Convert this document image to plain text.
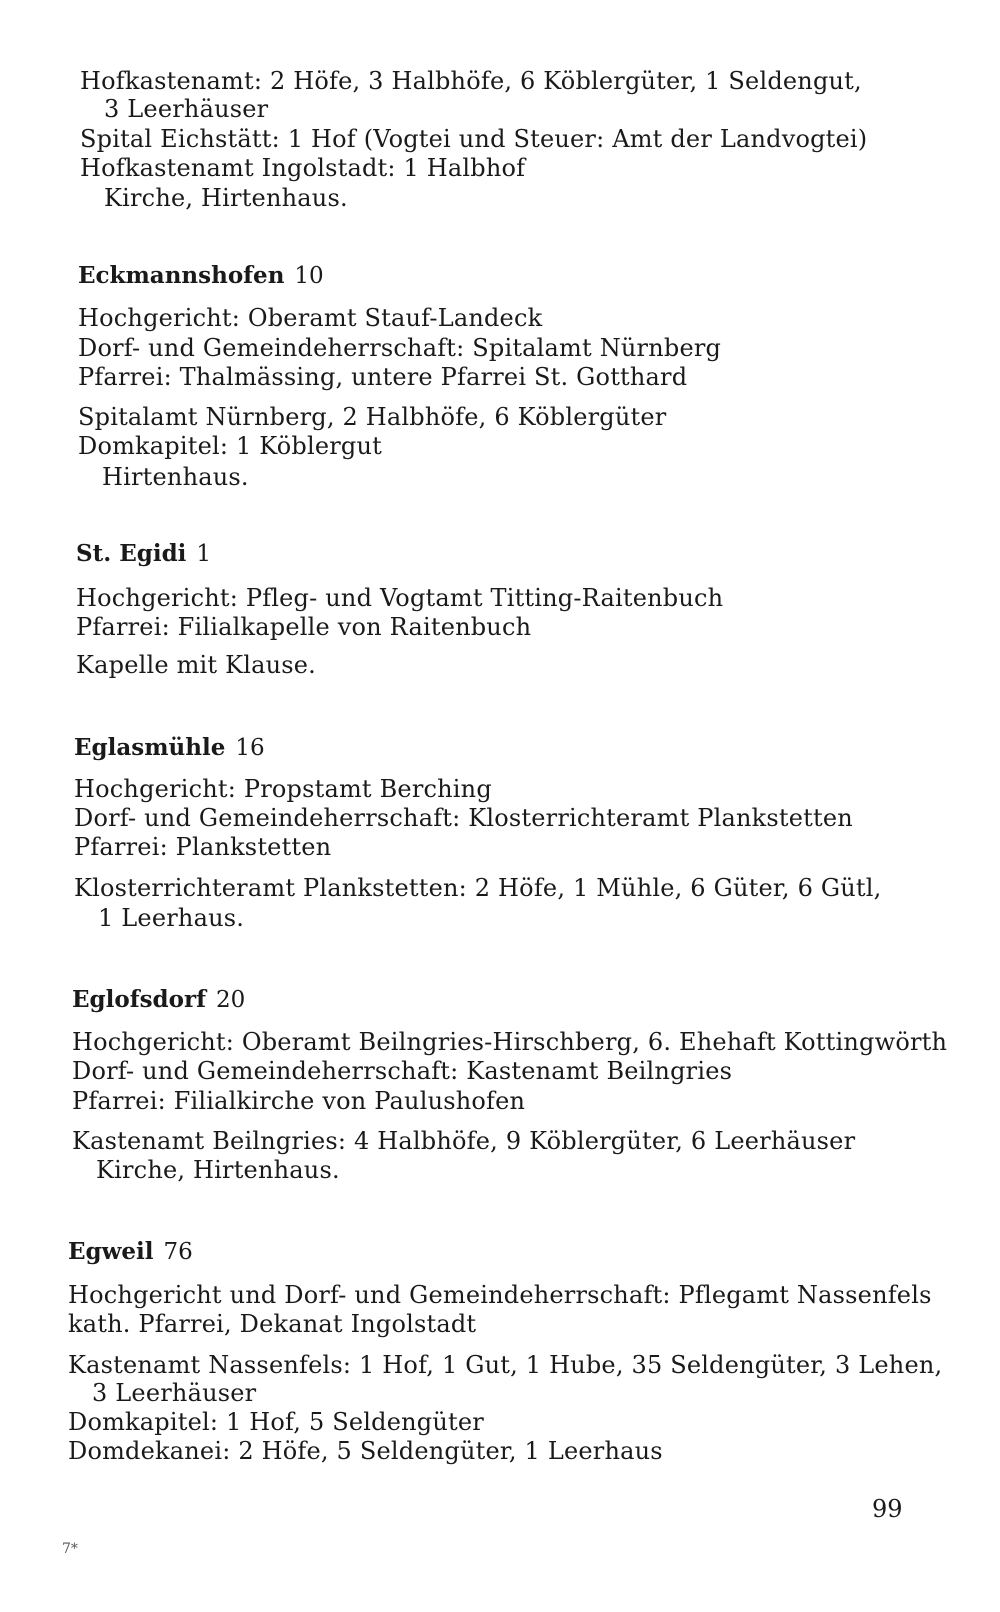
Hofkastenamt: 2 Höfe, 3 Halbhöfe, 6 Köblergüter, 1 Seldengut,
3 Leerhäuser
Spital Eichstätt: 1 Hof (Vogtei und Steuer: Amt der Landvogtei)
Hofkastenamt Ingolstadt: 1 Halbhof
Kirche, Hirtenhaus.
Eckmannshofen 10
Hochgericht: Oberamt Stauf-Landeck
Dorf- und Gemeindeherrschaft: Spitalamt Nürnberg
Pfarrei: Thalmässing, untere Pfarrei St. Gotthard
Spitalamt Nürnberg, 2 Halbhöfe, 6 Köblergüter
Domkapitel: 1 Köblergut
Hirtenhaus.
St. Egidi 1
Hochgericht: Pfleg- und Vogtamt Titting-Raitenbuch
Pfarrei: Filialkapelle von Raitenbuch
Kapelle mit Klause.
Eglasmühle 16
Hochgericht: Propstamt Berching
Dorf- und Gemeindeherrschaft: Klosterrichteramt Plankstetten
Pfarrei: Plankstetten
Klosterrichteramt Plankstetten: 2 Höfe, 1 Mühle, 6 Güter, 6 Gütl,
1 Leerhaus.
Eglofsdorf 20
Hochgericht: Oberamt Beilngries-Hirschberg, 6. Ehehaft Kottingwörth
Dorf- und Gemeindeherrschaft: Kastenamt Beilngries
Pfarrei: Filialkirche von Paulushofen
Kastenamt Beilngries: 4 Halbhöfe, 9 Köblergüter, 6 Leerhäuser
Kirche, Hirtenhaus.
Egweil 76
Hochgericht und Dorf- und Gemeindeherrschaft: Pflegamt Nassenfels
kath. Pfarrei, Dekanat Ingolstadt
Kastenamt Nassenfels: 1 Hof, 1 Gut, 1 Hube, 35 Seldengüter, 3 Lehen,
3 Leerhäuser
Domkapitel: 1 Hof, 5 Seldengüter
Domdekanei: 2 Höfe, 5 Seldengüter, 1 Leerhaus
99
7*
